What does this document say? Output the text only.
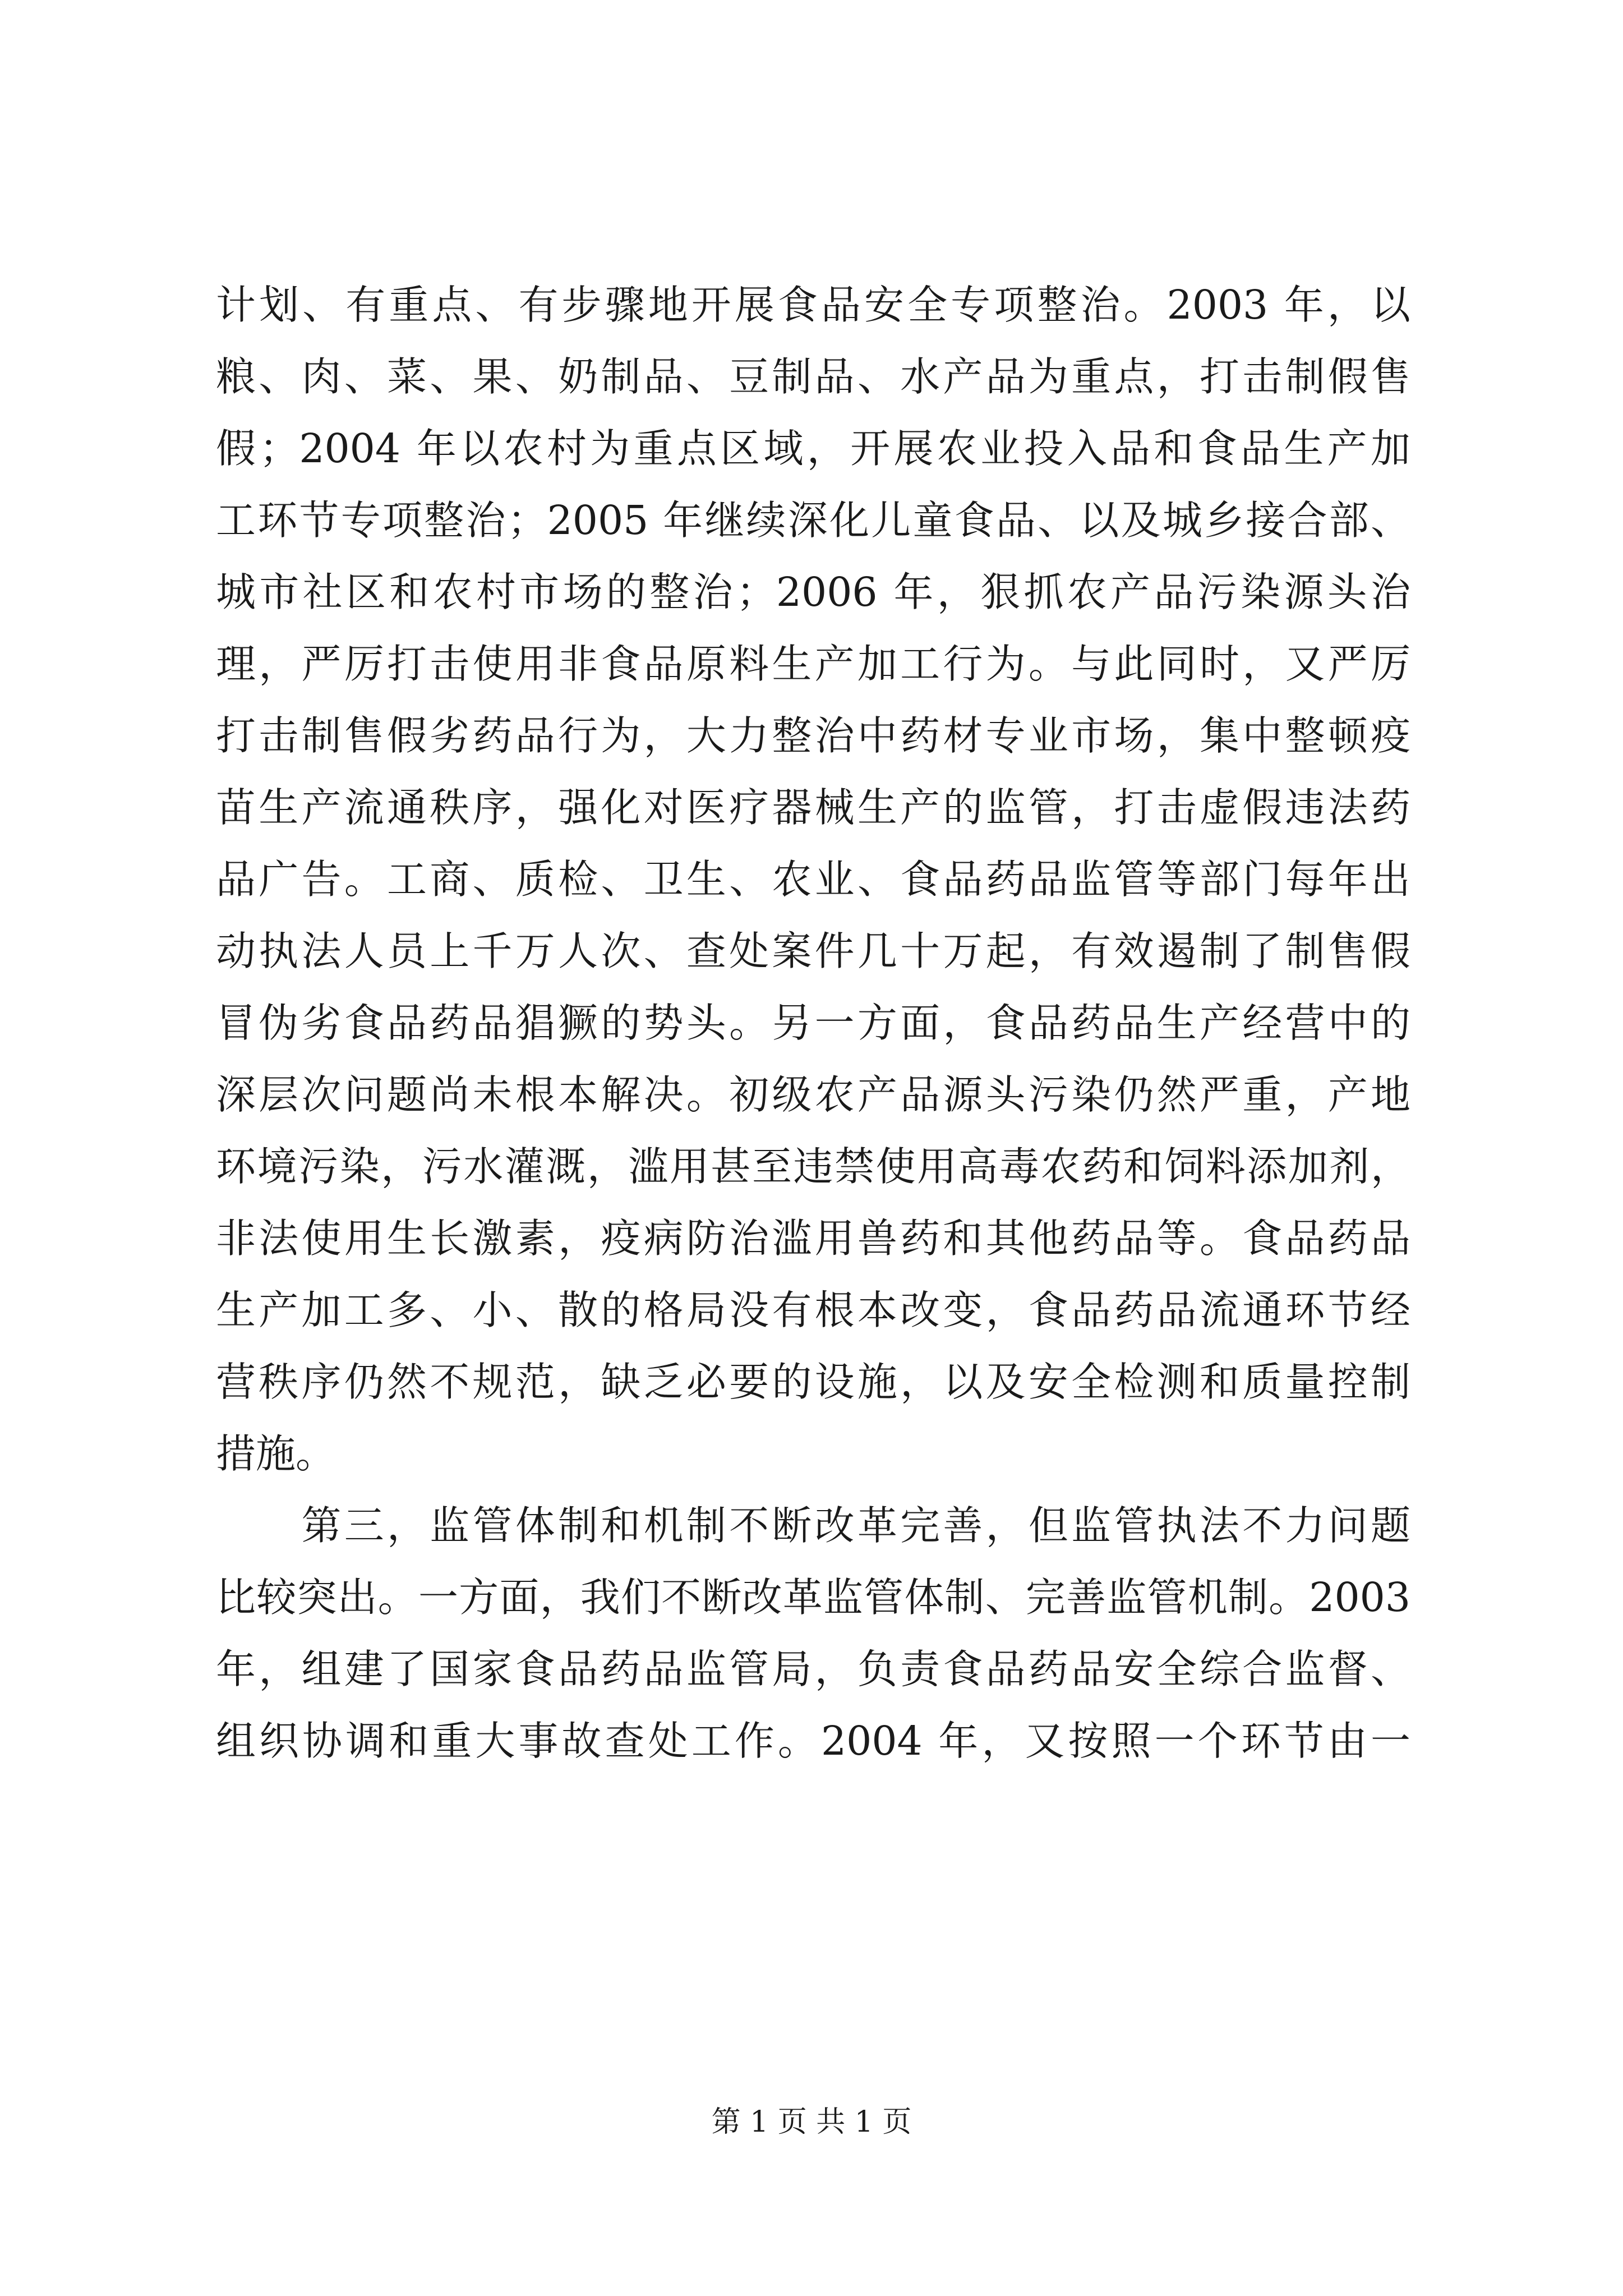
计划、有重点、有步骤地开展食品安全专项整治。2003 年，以
粮、肉、菜、果、奶制品、豆制品、水产品为重点，打击制假售
假；2004 年以农村为重点区域，开展农业投入品和食品生产加
工环节专项整治；2005 年继续深化儿童食品、以及城乡接合部、
城市社区和农村市场的整治；2006 年，狠抓农产品污染源头治
理，严厉打击使用非食品原料生产加工行为。与此同时，又严厉
打击制售假劣药品行为，大力整治中药材专业市场，集中整顿疫
苗生产流通秩序，强化对医疗器械生产的监管，打击虚假违法药
品广告。工商、质检、卫生、农业、食品药品监管等部门每年出
动执法人员上千万人次、查处案件几十万起，有效遏制了制售假
冒伪劣食品药品猖獗的势头。另一方面，食品药品生产经营中的
深层次问题尚未根本解决。初级农产品源头污染仍然严重，产地
环境污染，污水灌溉，滥用甚至违禁使用高毒农药和饲料添加剂，
非法使用生长激素，疫病防治滥用兽药和其他药品等。食品药品
生产加工多、小、散的格局没有根本改变，食品药品流通环节经
营秩序仍然不规范，缺乏必要的设施，以及安全检测和质量控制
措施。
　　第三，监管体制和机制不断改革完善，但监管执法不力问题
比较突出。一方面，我们不断改革监管体制、完善监管机制。2003
年，组建了国家食品药品监管局，负责食品药品安全综合监督、
组织协调和重大事故查处工作。2004 年，又按照一个环节由一
第 1 页 共 1 页
